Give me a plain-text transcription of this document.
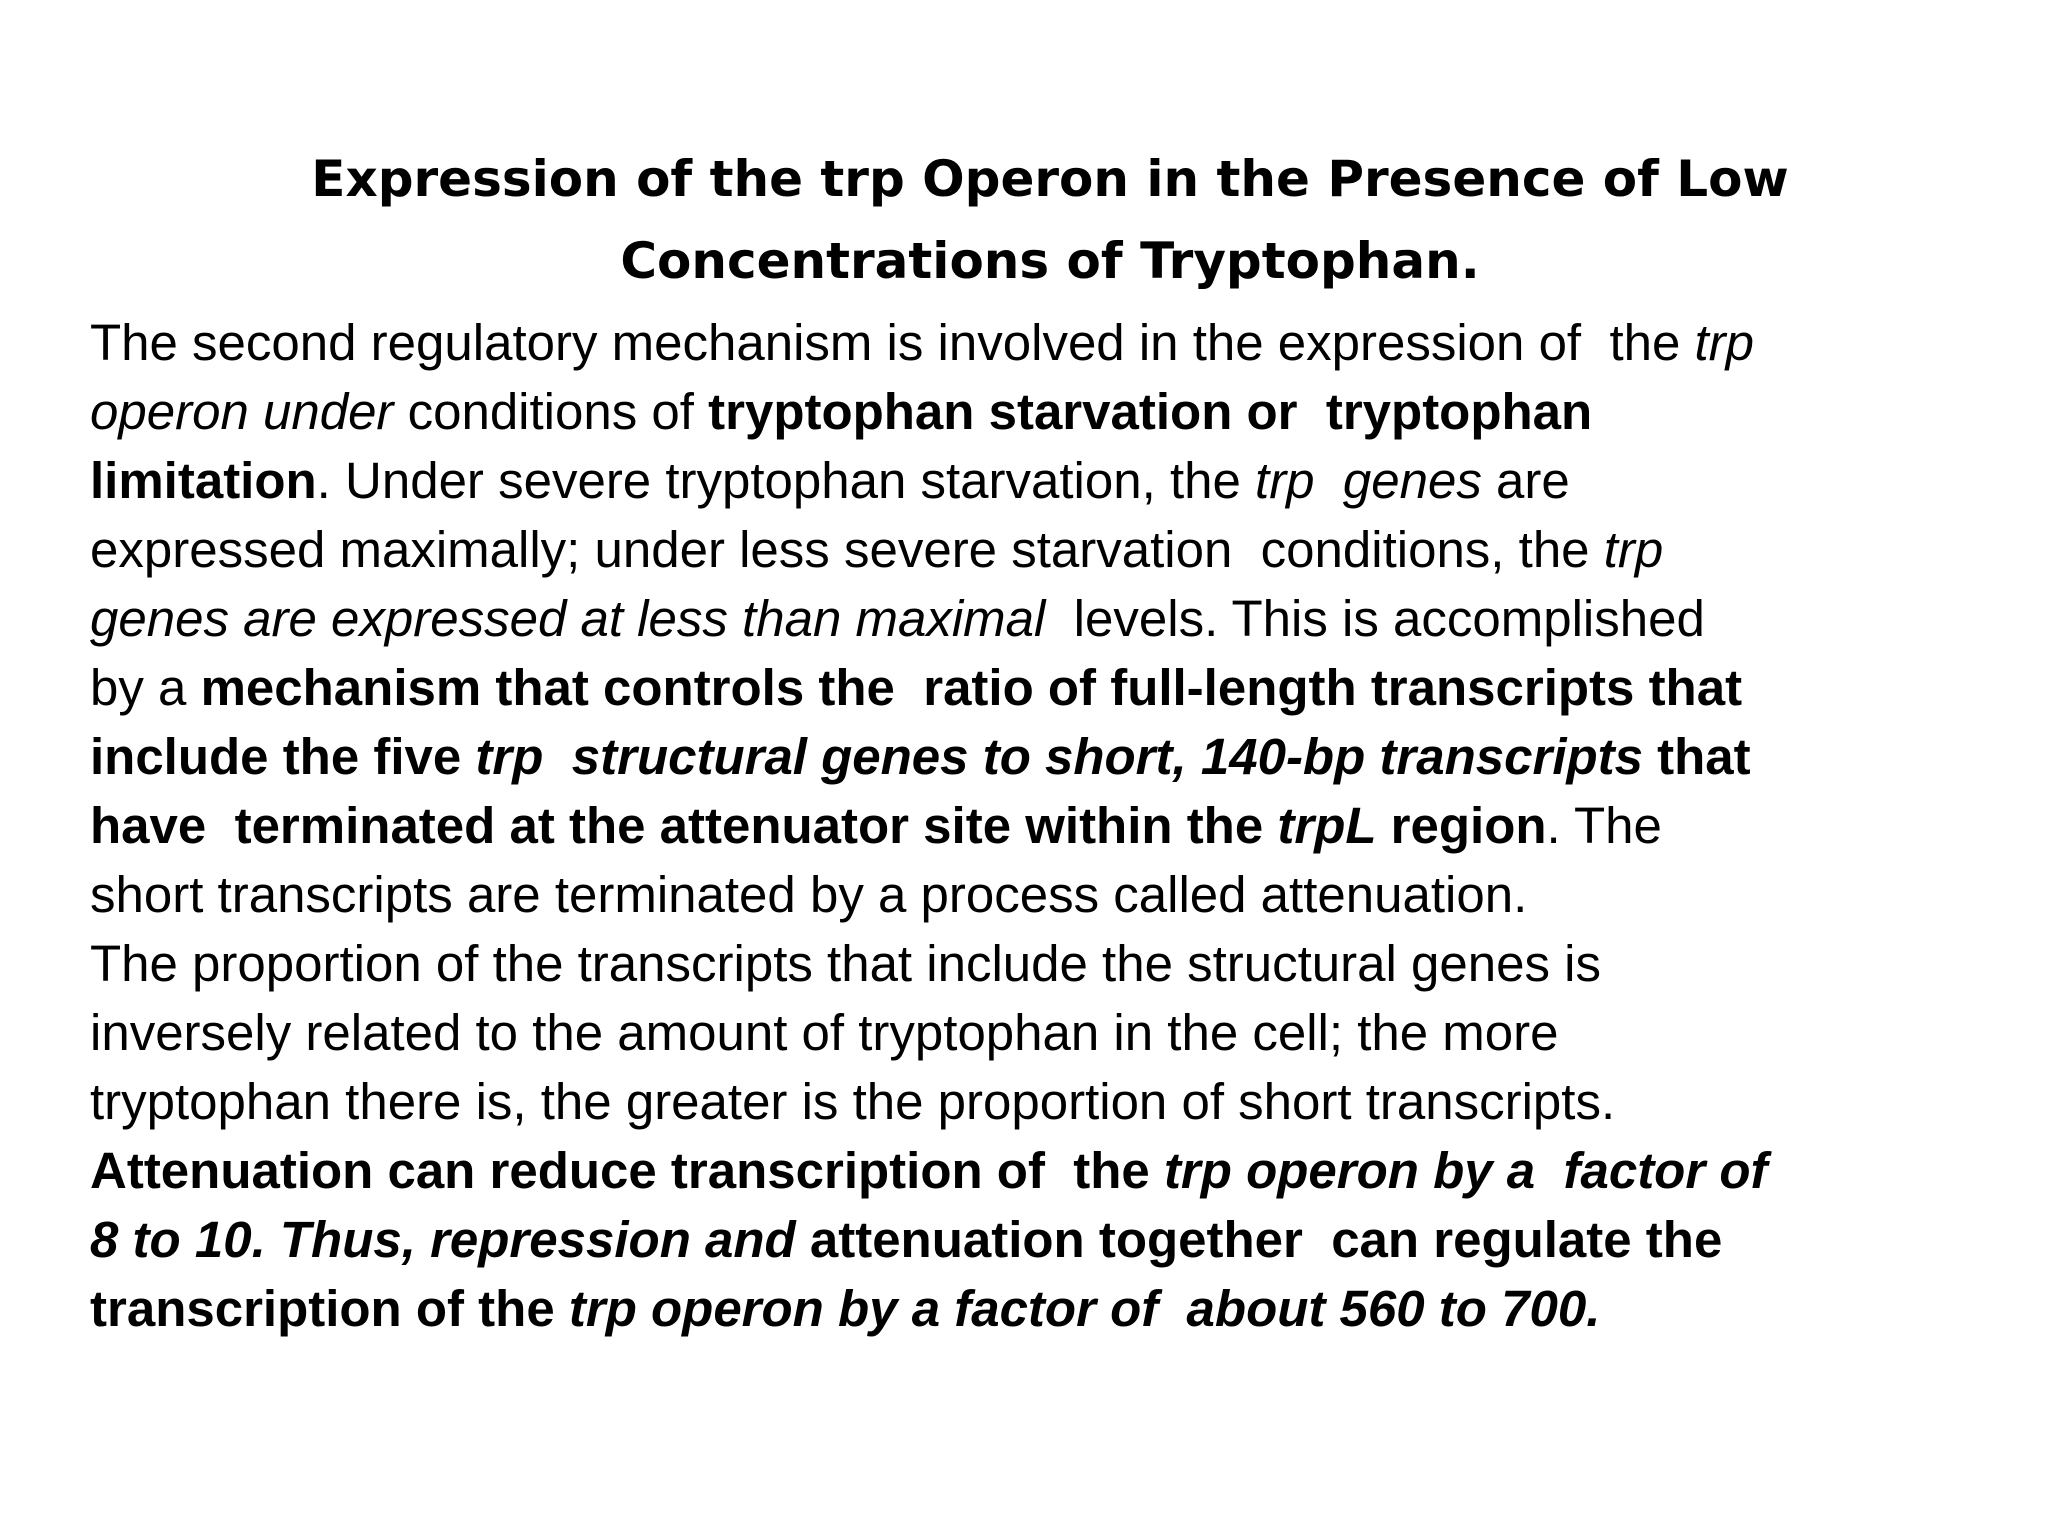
Expression of the trp Operon in the Presence of Low
Concentrations of Tryptophan.
The second regulatory mechanism is involved in the expression of  the trp
operon under conditions of tryptophan starvation or  tryptophan
limitation. Under severe tryptophan starvation, the trp  genes are
expressed maximally; under less severe starvation  conditions, the trp
genes are expressed at less than maximal  levels. This is accomplished
by a mechanism that controls the  ratio of full-length transcripts that
include the five trp  structural genes to short, 140-bp transcripts that
have  terminated at the attenuator site within the trpL region. The
short transcripts are terminated by a process called attenuation.
The proportion of the transcripts that include the structural genes is
inversely related to the amount of tryptophan in the cell; the more
tryptophan there is, the greater is the proportion of short transcripts.
Attenuation can reduce transcription of  the trp operon by a  factor of
8 to 10. Thus, repression and attenuation together  can regulate the
transcription of the trp operon by a factor of  about 560 to 700.
